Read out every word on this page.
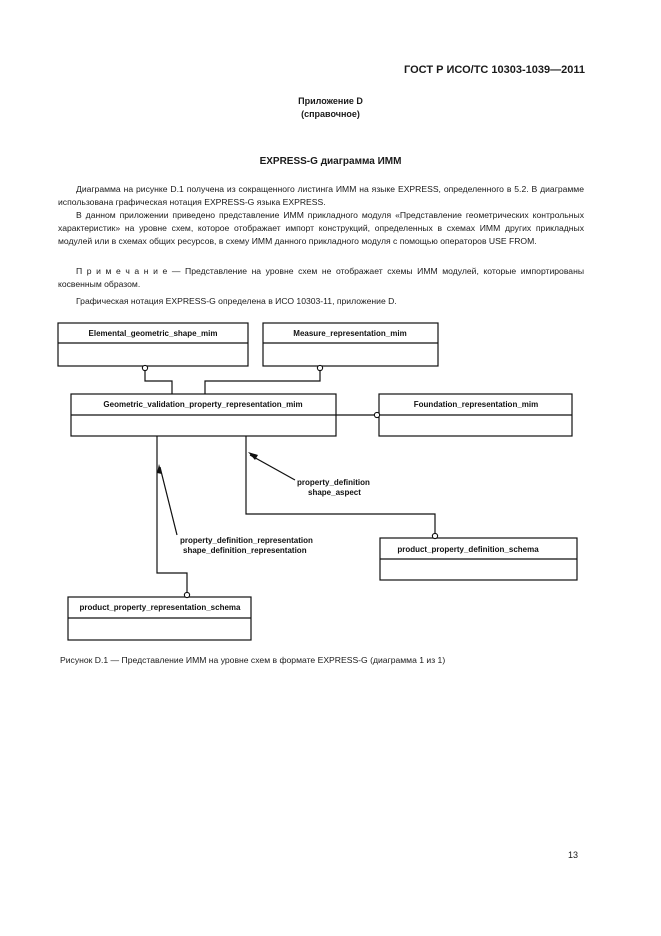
ГОСТ Р ИСО/ТС 10303-1039—2011
Приложение D
(справочное)
EXPRESS-G диаграмма ИММ
Диаграмма на рисунке D.1 получена из сокращенного листинга ИММ на языке EXPRESS, определенного в 5.2. В диаграмме использована графическая нотация EXPRESS-G языка EXPRESS.
В данном приложении приведено представление ИММ прикладного модуля «Представление геометрических контрольных характеристик» на уровне схем, которое отображает импорт конструкций, определенных в схемах ИММ других прикладных модулей или в схемах общих ресурсов, в схему ИММ данного прикладного модуля с помощью операторов USE FROM.
П р и м е ч а н и е — Представление на уровне схем не отображает схемы ИММ модулей, которые импортированы косвенным образом.
Графическая нотация EXPRESS-G определена в ИСО 10303-11, приложение D.
Elemental_geometric_shape_mim	Measure_representation_mim
Geometric_validation_property_representation_mim	Foundation_representation_mim
product_property_definition_schema
product_property_representation_schema
property_definition
shape_aspect
property_definition_representation
shape_definition_representation
Рисунок D.1 — Представление ИММ на уровне схем в формате EXPRESS-G (диаграмма 1 из 1)
13
